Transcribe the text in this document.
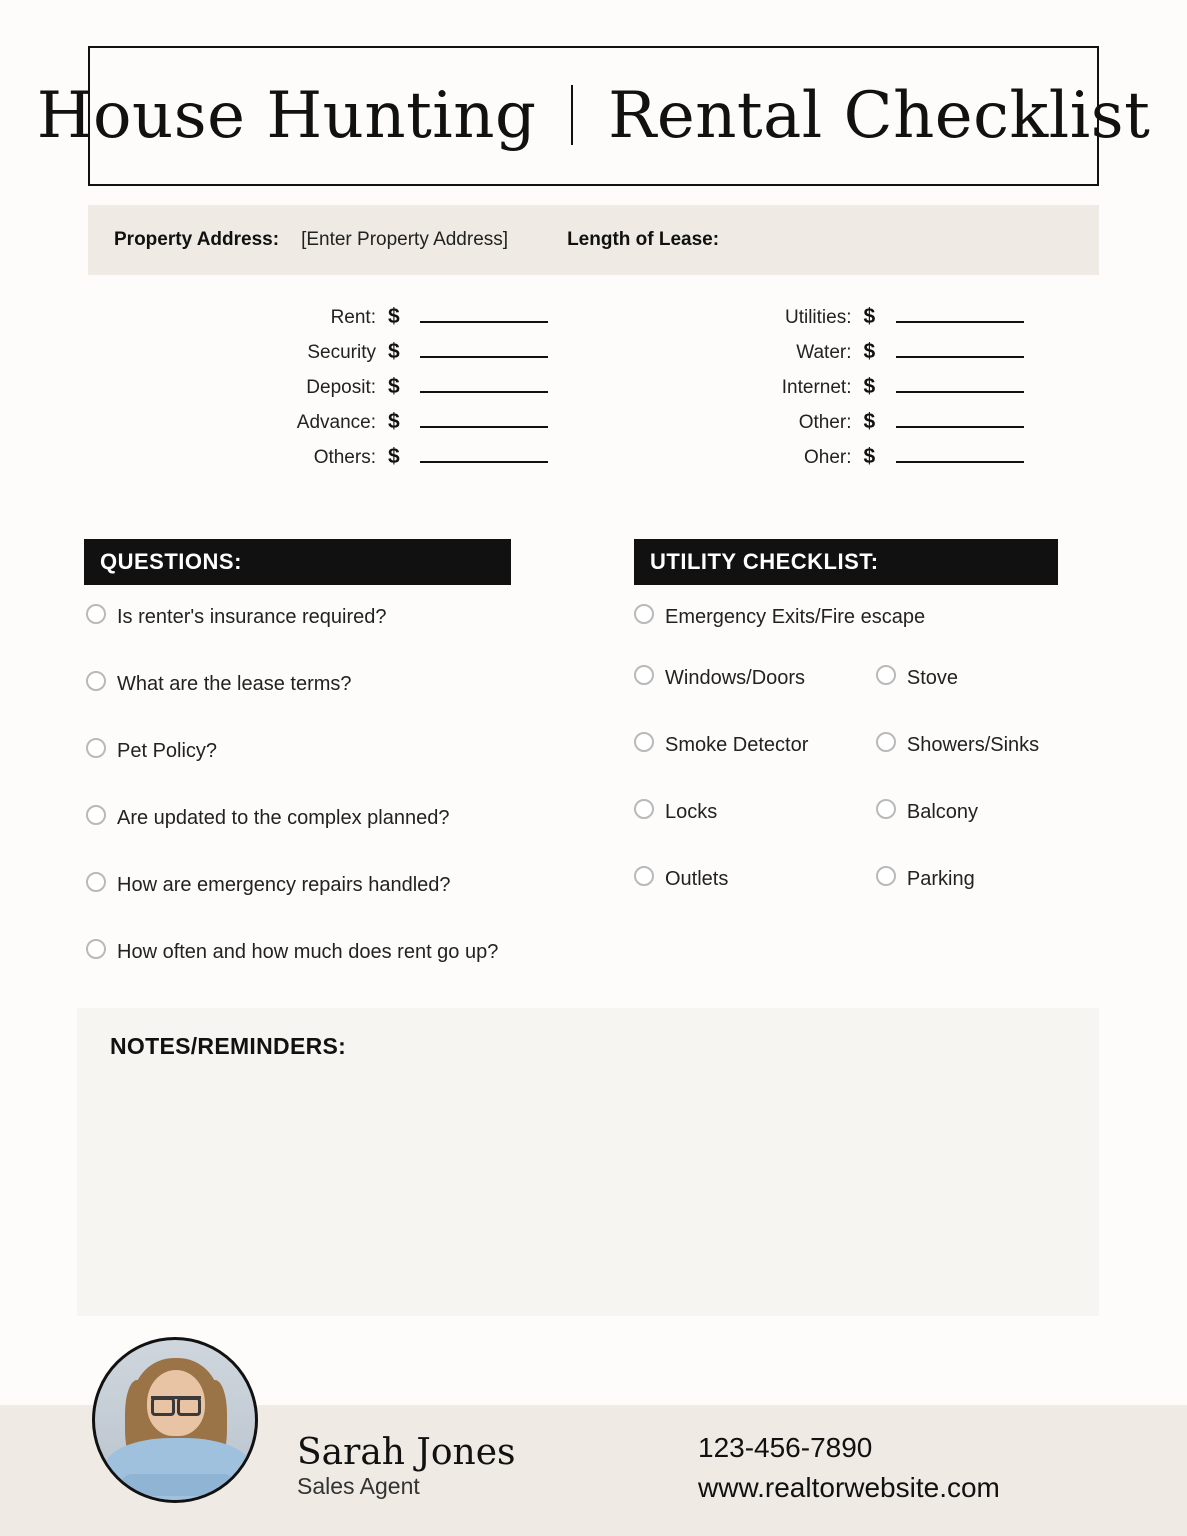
House Hunting Rental Checklist
Property Address: [Enter Property Address]	Length of Lease:
Rent: $
Security $
Deposit: $
Advance: $
Others: $
Utilities: $
Water: $
Internet: $
Other: $
Oher: $
QUESTIONS:	UTILITY CHECKLIST:
Is renter's insurance required?
What are the lease terms?
Pet Policy?
Are updated to the complex planned?
How are emergency repairs handled?
How often and how much does rent go up?
Emergency Exits/Fire escape
Windows/Doors
Smoke Detector
Locks
Outlets
Stove
Showers/Sinks
Balcony
Parking
NOTES/REMINDERS:
Sarah Jones
Sales Agent
123-456-7890
www.realtorwebsite.com
